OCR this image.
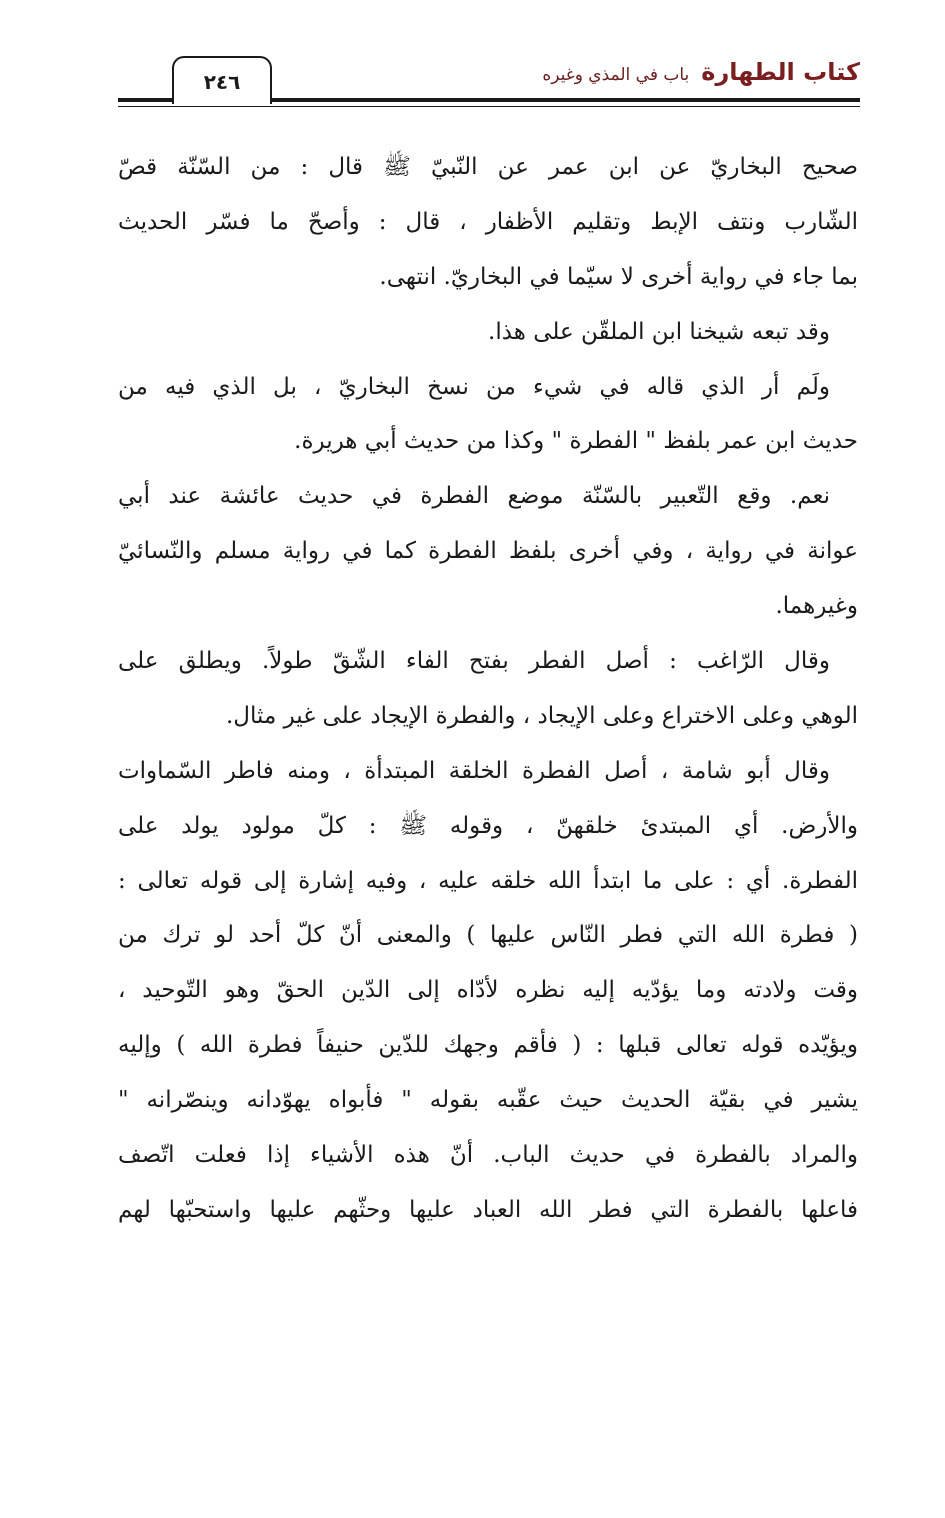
٢٤٦	كتاب الطهارةباب في المذي وغيره
صحيح البخاريّ عن ابن عمر عن النّبيّ ﷺ قال : من السّنّة قصّ
الشّارب ونتف الإبط وتقليم الأظفار ، قال : وأصحّ ما فسّر الحديث
بما جاء في رواية أخرى لا سيّما في البخاريّ. انتهى.
وقد تبعه شيخنا ابن الملقّن على هذا.
ولَم أر الذي قاله في شيء من نسخ البخاريّ ، بل الذي فيه من
حديث ابن عمر بلفظ " الفطرة " وكذا من حديث أبي هريرة.
نعم. وقع التّعبير بالسّنّة موضع الفطرة في حديث عائشة عند أبي
عوانة في رواية ، وفي أخرى بلفظ الفطرة كما في رواية مسلم والنّسائيّ
وغيرهما.
وقال الرّاغب : أصل الفطر بفتح الفاء الشّقّ طولاً. ويطلق على
الوهي وعلى الاختراع وعلى الإيجاد ، والفطرة الإيجاد على غير مثال.
وقال أبو شامة ، أصل الفطرة الخلقة المبتدأة ، ومنه فاطر السّماوات
والأرض. أي المبتدئ خلقهنّ ، وقوله ﷺ : كلّ مولود يولد على
الفطرة. أي : على ما ابتدأ الله خلقه عليه ، وفيه إشارة إلى قوله تعالى :
( فطرة الله التي فطر النّاس عليها ) والمعنى أنّ كلّ أحد لو ترك من
وقت ولادته وما يؤدّيه إليه نظره لأدّاه إلى الدّين الحقّ وهو التّوحيد ،
ويؤيّده قوله تعالى قبلها : ( فأقم وجهك للدّين حنيفاً فطرة الله ) وإليه
يشير في بقيّة الحديث حيث عقّبه بقوله " فأبواه يهوّدانه وينصّرانه "
والمراد بالفطرة في حديث الباب. أنّ هذه الأشياء إذا فعلت اتّصف
فاعلها بالفطرة التي فطر الله العباد عليها وحثّهم عليها واستحبّها لهم
